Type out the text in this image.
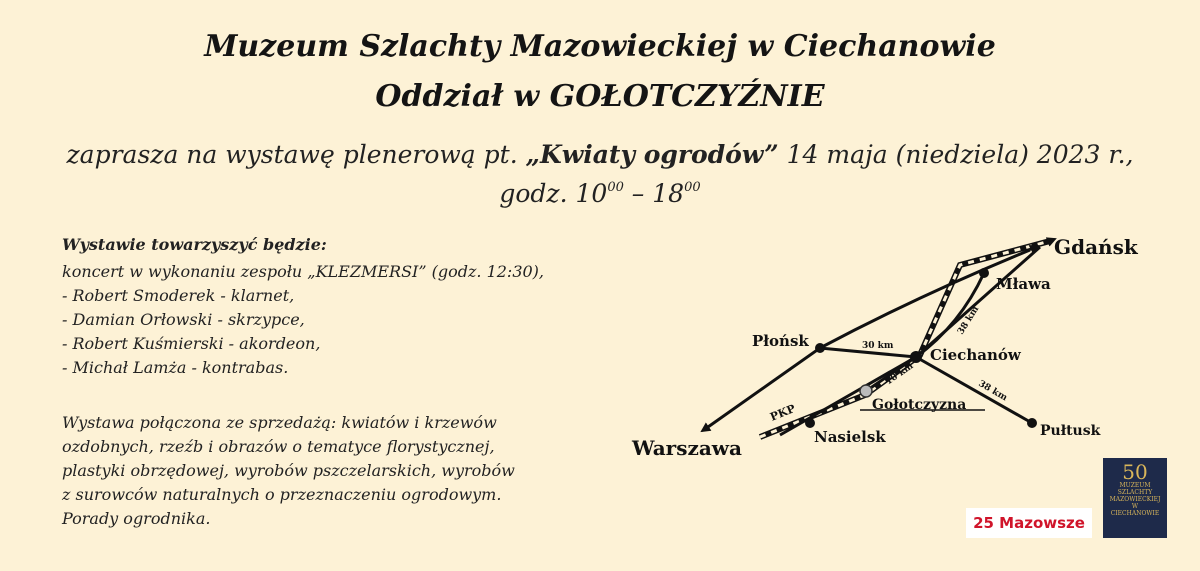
Muzeum Szlachty Mazowieckiej w Ciechanowie
Oddział w GOŁOTCZYŹNIE
zaprasza na wystawę plenerową pt. „Kwiaty ogrodów” 14 maja (niedziela) 2023 r.,
godz. $10^{00} - 18^{00}$
Wystawie towarzyszyć będzie:
koncert w wykonaniu zespołu „KLEZMERSI” (godz. 12:30),
- Robert Smoderek - klarnet,
- Damian Orłowski - skrzypce,
- Robert Kuśmierski - akordeon,
- Michał Lamża - kontrabas.

Wystawa połączona ze sprzedażą: kwiatów i krzewów

ozdobnych, rzeźb i obrazów o tematyce florystycznej,

plastyki obrzędowej, wyrobów pszczelarskich, wyrobów

z surowców naturalnych o przeznaczeniu ogrodowym.

Porady ogrodnika.

Gdańsk
Mława
Płońsk
Ciechanów
Gołotczyzna
Pułtusk
Nasielsk
Warszawa
30 km
38 km
10 km
38 km
PKP
25 Mazowsze
50
MUZEUM
SZLACHTY
MAZOWIECKIEJ
W
CIECHANOWIE
